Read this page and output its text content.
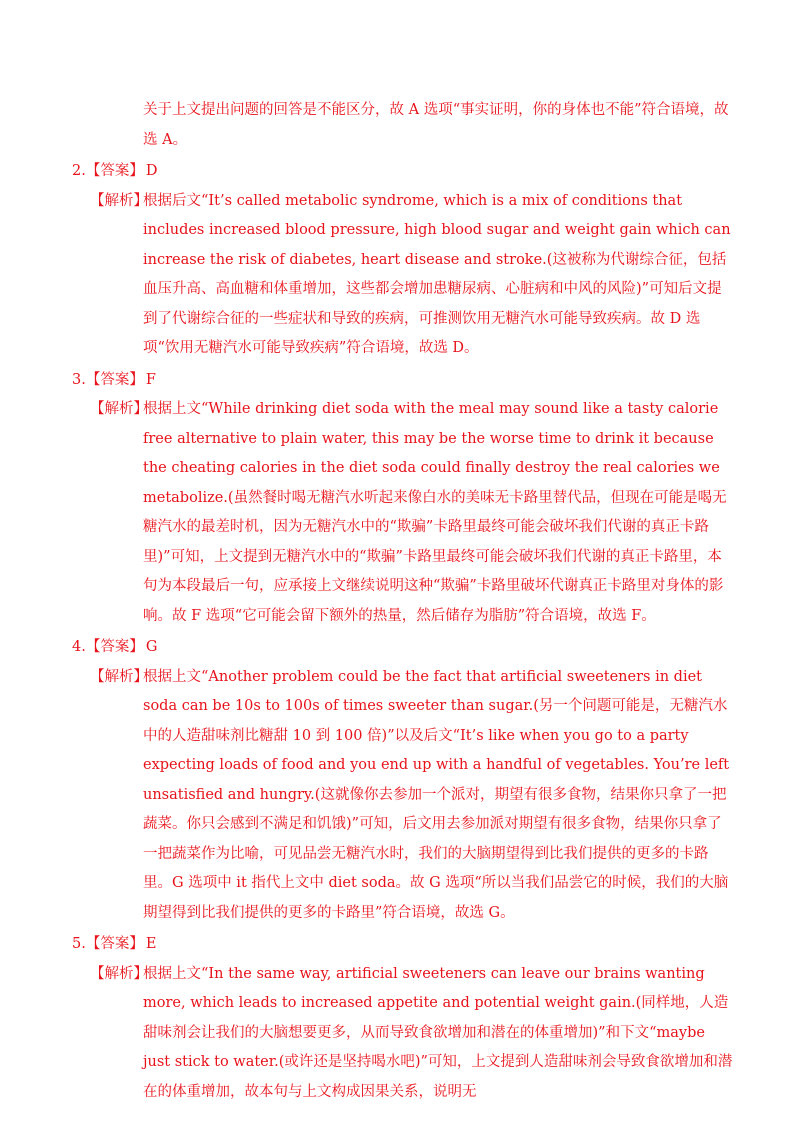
关于上文提出问题的回答是不能区分，故 A 选项“事实证明，你的身体也不能”符合语境，故选 A。

2.【答案】 D

【解析】
根据后文“It’s called metabolic syndrome, which is a mix of conditions that includes increased blood pressure, high blood sugar and weight gain which can increase the risk of diabetes, heart disease and stroke.(这被称为代谢综合征，包括血压升高、高血糖和体重增加，这些都会增加患糖尿病、心脏病和中风的风险)”可知后文提到了代谢综合征的一些症状和导致的疾病，可推测饮用无糖汽水可能导致疾病。故 D 选项“饮用无糖汽水可能导致疾病”符合语境，故选 D。

3.【答案】 F

【解析】
根据上文“While drinking diet soda with the meal may sound like a tasty calorie free alternative to plain water, this may be the worse time to drink it because the cheating calories in the diet soda could finally destroy the real calories we metabolize.(虽然餐时喝无糖汽水听起来像白水的美味无卡路里替代品，但现在可能是喝无糖汽水的最差时机，因为无糖汽水中的“欺骗”卡路里最终可能会破坏我们代谢的真正卡路里)”可知，上文提到无糖汽水中的“欺骗”卡路里最终可能会破坏我们代谢的真正卡路里，本句为本段最后一句，应承接上文继续说明这种“欺骗”卡路里破坏代谢真正卡路里对身体的影响。故 F 选项“它可能会留下额外的热量，然后储存为脂肪”符合语境，故选 F。

4.【答案】 G

【解析】
根据上文“Another problem could be the fact that artificial sweeteners in diet soda can be 10s to 100s of times sweeter than sugar.(另一个问题可能是，无糖汽水中的人造甜味剂比糖甜 10 到 100 倍)”以及后文“It’s like when you go to a party expecting loads of food and you end up with a handful of vegetables. You’re left unsatisfied and hungry.(这就像你去参加一个派对，期望有很多食物，结果你只拿了一把蔬菜。你只会感到不满足和饥饿)”可知，后文用去参加派对期望有很多食物，结果你只拿了一把蔬菜作为比喻，可见品尝无糖汽水时，我们的大脑期望得到比我们提供的更多的卡路里。G 选项中 it 指代上文中 diet soda。故 G 选项“所以当我们品尝它的时候，我们的大脑期望得到比我们提供的更多的卡路里”符合语境，故选 G。

5.【答案】 E

【解析】
根据上文“In the same way, artificial sweeteners can leave our brains wanting more, which leads to increased appetite and potential weight gain.(同样地，人造甜味剂会让我们的大脑想要更多，从而导致食欲增加和潜在的体重增加)”和下文“maybe just stick to water.(或许还是坚持喝水吧)”可知，上文提到人造甜味剂会导致食欲增加和潜在的体重增加，故本句与上文构成因果关系，说明无
